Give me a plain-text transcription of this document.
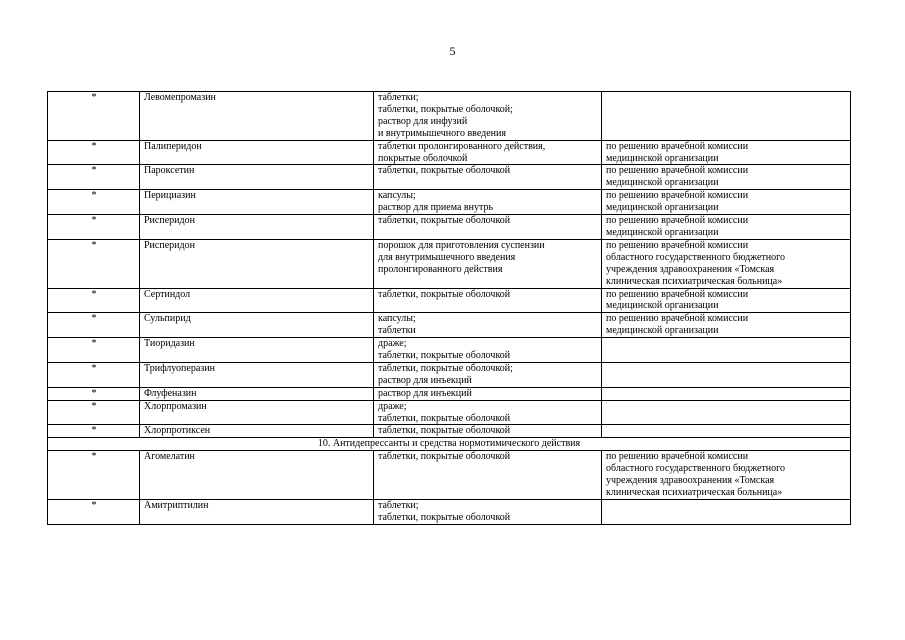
5
*	Левомепромазин	таблетки;
таблетки, покрытые оболочкой;
раствор для инфузий
и внутримышечного введения	

*	Палиперидон	таблетки пролонгированного действия,
покрытые оболочкой	по решению врачебной комиссии
медицинской организации

*	Пароксетин	таблетки, покрытые оболочкой	по решению врачебной комиссии
медицинской организации

*	Перициазин	капсулы;
раствор для приема внутрь	по решению врачебной комиссии
медицинской организации

*	Рисперидон	таблетки, покрытые оболочкой	по решению врачебной комиссии
медицинской организации

*	Рисперидон	порошок для приготовления суспензии
для внутримышечного введения
пролонгированного действия	по решению врачебной комиссии
областного государственного бюджетного
учреждения здравоохранения «Томская
клиническая психиатрическая больница»

*	Сертиндол	таблетки, покрытые оболочкой	по решению врачебной комиссии
медицинской организации

*	Сульпирид	капсулы;
таблетки	по решению врачебной комиссии
медицинской организации

*	Тиоридазин	драже;
таблетки, покрытые оболочкой	

*	Трифлуоперазин	таблетки, покрытые оболочкой;
раствор для инъекций	

*	Флуфеназин	раствор для инъекций	

*	Хлорпромазин	драже;
таблетки, покрытые оболочкой	

*	Хлорпротиксен	таблетки, покрытые оболочкой	

10. Антидепрессанты и средства нормотимического действия			
*	Агомелатин	таблетки, покрытые оболочкой	по решению врачебной комиссии
областного государственного бюджетного
учреждения здравоохранения «Томская
клиническая психиатрическая больница»

*	Амитриптилин	таблетки;
таблетки, покрытые оболочкой	
